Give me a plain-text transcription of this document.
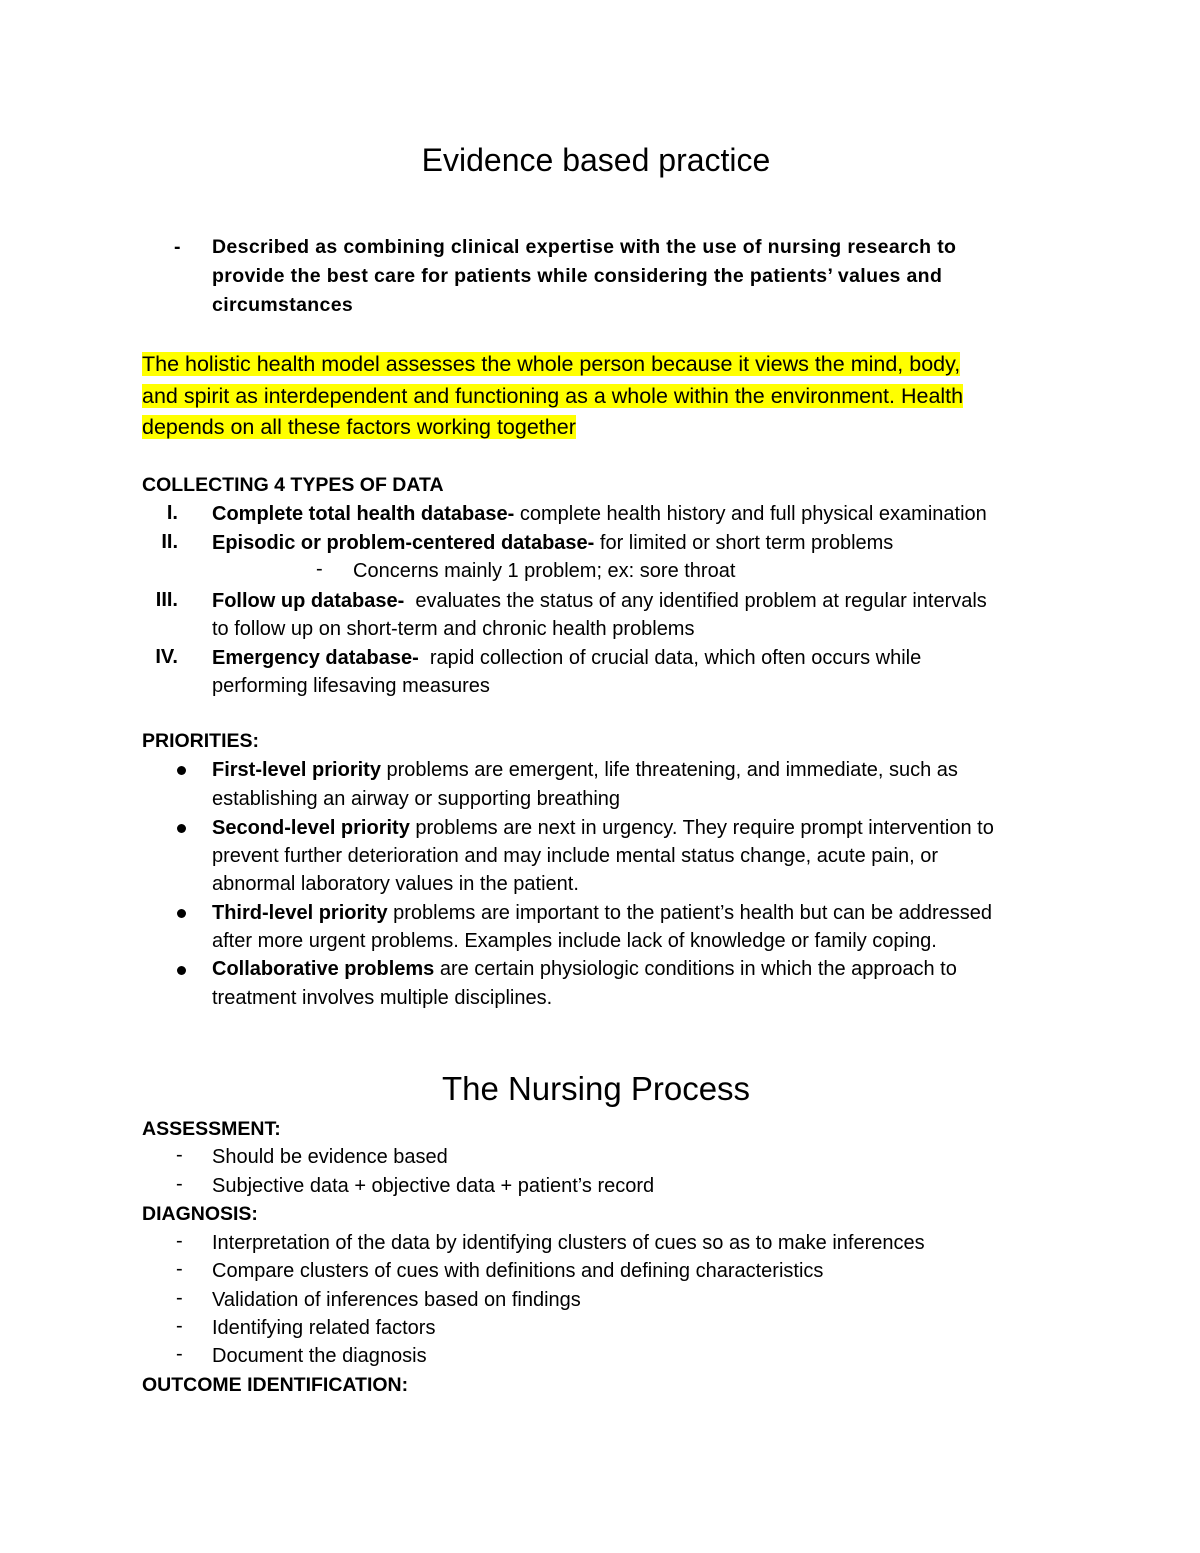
Evidence based practice
- Described as combining clinical expertise with the use of nursing research to
provide the best care for patients while considering the patients’ values and
circumstances
The holistic health model assesses the whole person because it views the mind, body,
and spirit as interdependent and functioning as a whole within the environment. Health
depends on all these factors working together
COLLECTING 4 TYPES OF DATA
I. Complete total health database- complete health history and full physical examination
II. Episodic or problem-centered database- for limited or short term problems
- Concerns mainly 1 problem; ex: sore throat
III. Follow up database-  evaluates the status of any identified problem at regular intervals
to follow up on short-term and chronic health problems
IV. Emergency database-  rapid collection of crucial data, which often occurs while
performing lifesaving measures
PRIORITIES:
First-level priority problems are emergent, life threatening, and immediate, such as
establishing an airway or supporting breathing
Second-level priority problems are next in urgency. They require prompt intervention to
prevent further deterioration and may include mental status change, acute pain, or
abnormal laboratory values in the patient.
Third-level priority problems are important to the patient’s health but can be addressed
after more urgent problems. Examples include lack of knowledge or family coping.
Collaborative problems are certain physiologic conditions in which the approach to
treatment involves multiple disciplines.
The Nursing Process
ASSESSMENT:
- Should be evidence based
- Subjective data + objective data + patient’s record
DIAGNOSIS:
- Interpretation of the data by identifying clusters of cues so as to make inferences
- Compare clusters of cues with definitions and defining characteristics
- Validation of inferences based on findings
- Identifying related factors
- Document the diagnosis
OUTCOME IDENTIFICATION:
